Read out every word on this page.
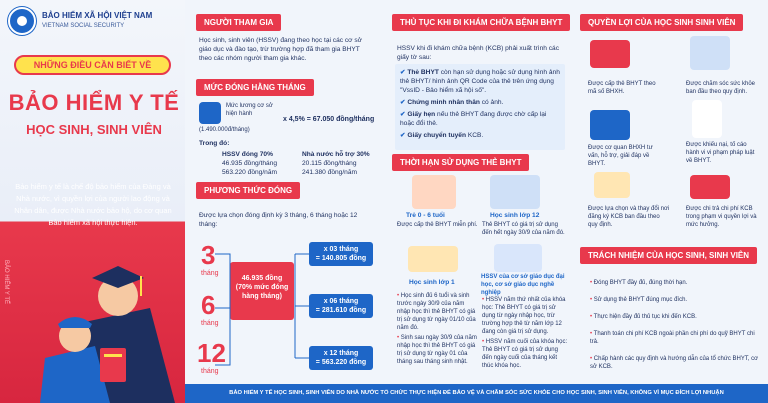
BẢO HIỂM XÃ HỘI VIỆT NAM
VIETNAM SOCIAL SECURITY
NHỮNG ĐIỀU CẦN BIẾT VỀ
BẢO HIỂM Y TẾ
HỌC SINH, SINH VIÊN
Bảo hiểm y tế là chế độ bảo hiểm của Đảng và Nhà nước, vì quyền lợi của người lao động và Nhân dân, được Nhà nước bảo hộ, do cơ quan Bảo hiểm xã hội thực hiện.
BẢO HIỂM Y TẾ
NGƯỜI THAM GIA
Học sinh, sinh viên (HSSV) đang theo học tại các cơ sở giáo dục và đào tạo, trừ trường hợp đã tham gia BHYT theo các nhóm người tham gia khác.
MỨC ĐÓNG HẰNG THÁNG
Mức lương cơ sở hiện hành
(1.490.000đ/tháng)
x 4,5% = 67.050 đồng/tháng
Trong đó:
HSSV đóng 70%
46.935 đồng/tháng
563.220 đồng/năm
Nhà nước hỗ trợ 30%
20.115 đồng/tháng
241.380 đồng/năm
PHƯƠNG THỨC ĐÓNG
Được lựa chọn đóng định kỳ 3 tháng, 6 tháng hoặc 12 tháng:
3
tháng
6
tháng
12
tháng
46.935 đồng (70% mức đóng hàng tháng)
x 03 tháng
= 140.805 đồng
x 06 tháng
= 281.610 đồng
x 12 tháng
= 563.220 đồng
THỦ TỤC KHI ĐI KHÁM CHỮA BỆNH BHYT
HSSV khi đi khám chữa bệnh (KCB) phải xuất trình các giấy tờ sau:
✔ Thẻ BHYT còn hạn sử dụng hoặc sử dụng hình ảnh thẻ BHYT/ hình ảnh QR Code của thẻ trên ứng dụng "VssID - Bảo hiểm xã hội số".
✔ Chứng minh nhân thân có ảnh.
✔ Giấy hẹn nếu thẻ BHYT đang được chờ cấp lại hoặc đổi thẻ.
✔ Giấy chuyển tuyến KCB.
THỜI HẠN SỬ DỤNG THẺ BHYT
Trẻ 0 - 6 tuổi
Được cấp thẻ BHYT miễn phí.
Học sinh lớp 12
Thẻ BHYT có giá trị sử dụng đến hết ngày 30/9 của năm đó.
Học sinh lớp 1
HSSV của cơ sở giáo dục đại học, cơ sở giáo dục nghề nghiệp
• Học sinh đủ 6 tuổi và sinh trước ngày 30/9 của năm nhập học thì thẻ BHYT có giá trị sử dụng từ ngày 01/10 của năm đó.
• Sinh sau ngày 30/9 của năm nhập học thì thẻ BHYT có giá trị sử dụng từ ngày 01 của tháng sau tháng sinh nhật.
• HSSV năm thứ nhất của khóa học: Thẻ BHYT có giá trị sử dụng từ ngày nhập học, trừ trường hợp thẻ từ năm lớp 12 đang còn giá trị sử dụng.
• HSSV năm cuối của khóa học: Thẻ BHYT có giá trị sử dụng đến ngày cuối của tháng kết thúc khóa học.
QUYỀN LỢI CỦA HỌC SINH SINH VIÊN
Được cấp thẻ BHYT theo mã số BHXH.
Được chăm sóc sức khỏe ban đầu theo quy định.
Được cơ quan BHXH tư vấn, hỗ trợ, giải đáp về BHYT.
Được khiếu nại, tố cáo hành vi vi phạm pháp luật về BHYT.
Được lựa chọn và thay đổi nơi đăng ký KCB ban đầu theo quy định.
Được chi trả chi phí KCB trong phạm vi quyền lợi và mức hưởng.
TRÁCH NHIỆM CỦA HỌC SINH, SINH VIÊN
• Đóng BHYT đầy đủ, đúng thời hạn.
• Sử dụng thẻ BHYT đúng mục đích.
• Thực hiện đầy đủ thủ tục khi đến KCB.
• Thanh toán chi phí KCB ngoài phần chi phí do quỹ BHYT chi trả.
• Chấp hành các quy định và hướng dẫn của tổ chức BHYT, cơ sở KCB.
BẢO HIỂM Y TẾ HỌC SINH, SINH VIÊN DO NHÀ NƯỚC TỔ CHỨC THỰC HIỆN ĐỂ BẢO VỆ VÀ CHĂM SÓC SỨC KHỎE CHO HỌC SINH, SINH VIÊN, KHÔNG VÌ MỤC ĐÍCH LỢI NHUẬN
